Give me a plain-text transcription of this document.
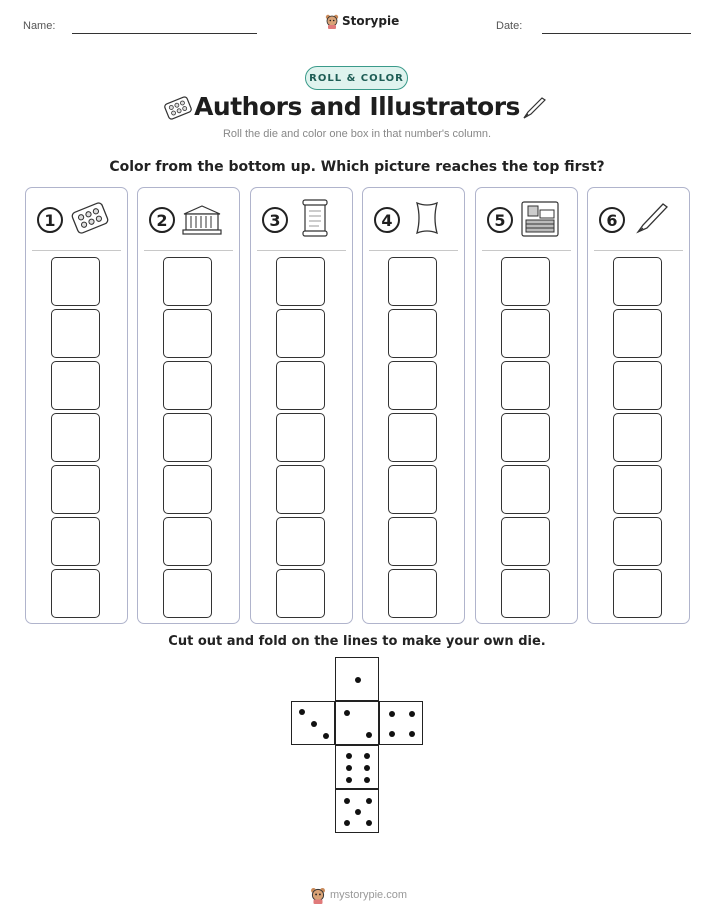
Name:	Storypie	Date:
ROLL & COLOR
Authors and Illustrators
Roll the die and color one box in that number's column.
Color from the bottom up. Which picture reaches the top first?
1	2	3	4	5	6
Cut out and fold on the lines to make your own die.
mystorypie.com
